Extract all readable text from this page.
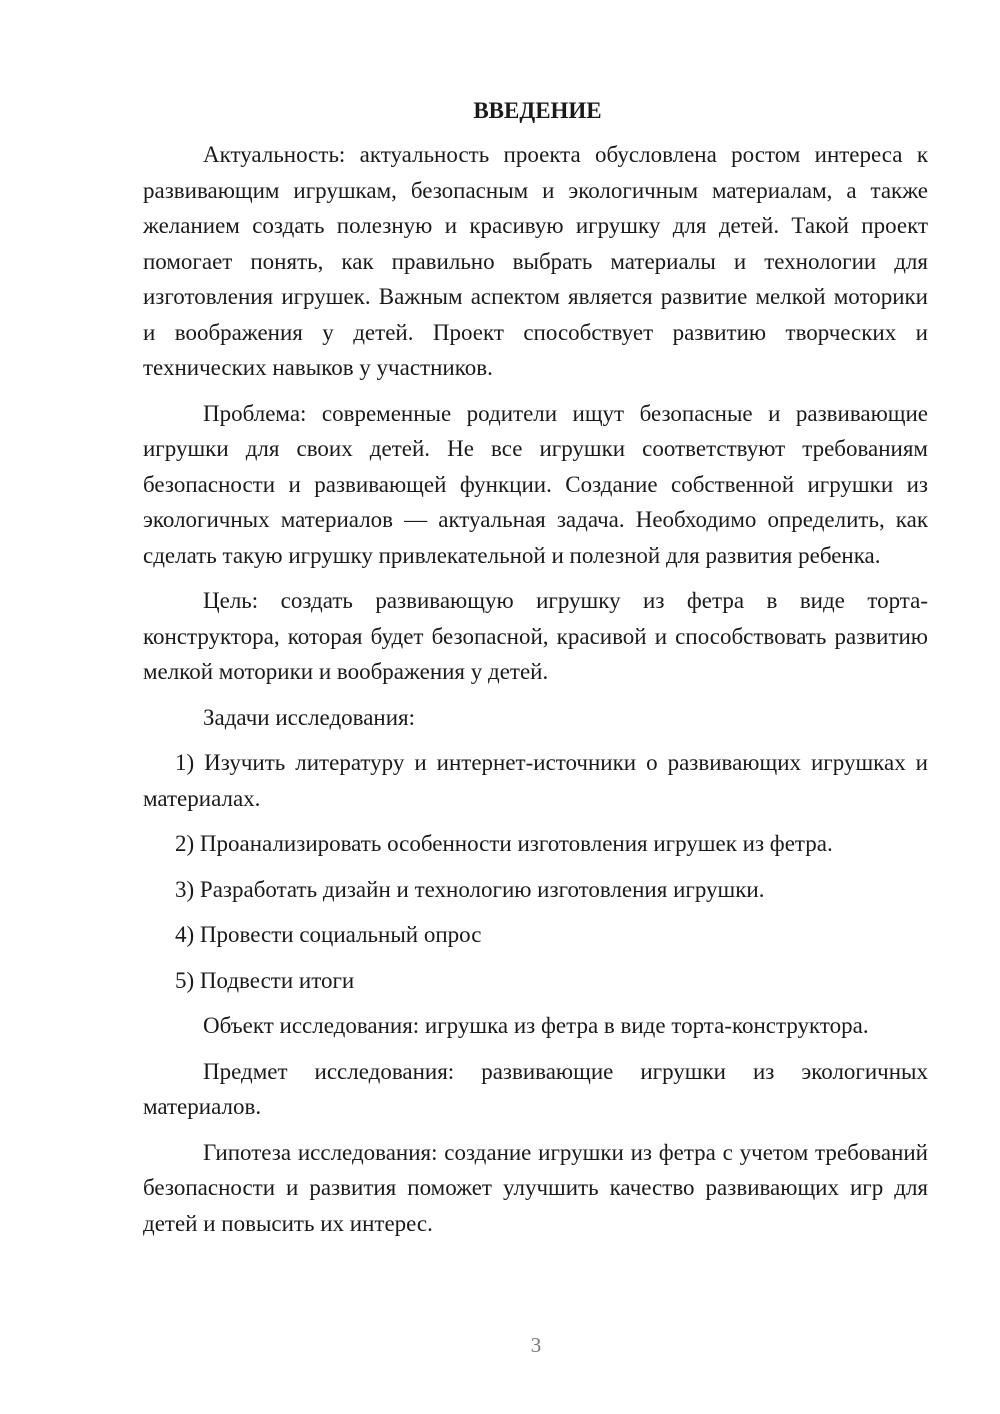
ВВЕДЕНИЕ

Актуальность: актуальность проекта обусловлена ростом интереса к развивающим игрушкам, безопасным и экологичным материалам, а также желанием создать полезную и красивую игрушку для детей. Такой проект помогает понять, как правильно выбрать материалы и технологии для изготовления игрушек. Важным аспектом является развитие мелкой моторики и воображения у детей. Проект способствует развитию творческих и технических навыков у участников.

Проблема: современные родители ищут безопасные и развивающие игрушки для своих детей. Не все игрушки соответствуют требованиям безопасности и развивающей функции. Создание собственной игрушки из экологичных материалов — актуальная задача. Необходимо определить, как сделать такую игрушку привлекательной и полезной для развития ребенка.

Цель: создать развивающую игрушку из фетра в виде торта-конструктора, которая будет безопасной, красивой и способствовать развитию мелкой моторики и воображения у детей.

Задачи исследования:

1) Изучить литературу и интернет-источники о развивающих игрушках и материалах.

2) Проанализировать особенности изготовления игрушек из фетра.

3) Разработать дизайн и технологию изготовления игрушки.

4) Провести социальный опрос

5) Подвести итоги

Объект исследования: игрушка из фетра в виде торта-конструктора.

Предмет исследования: развивающие игрушки из экологичных материалов.

Гипотеза исследования: создание игрушки из фетра с учетом требований безопасности и развития поможет улучшить качество развивающих игр для детей и повысить их интерес.

3
